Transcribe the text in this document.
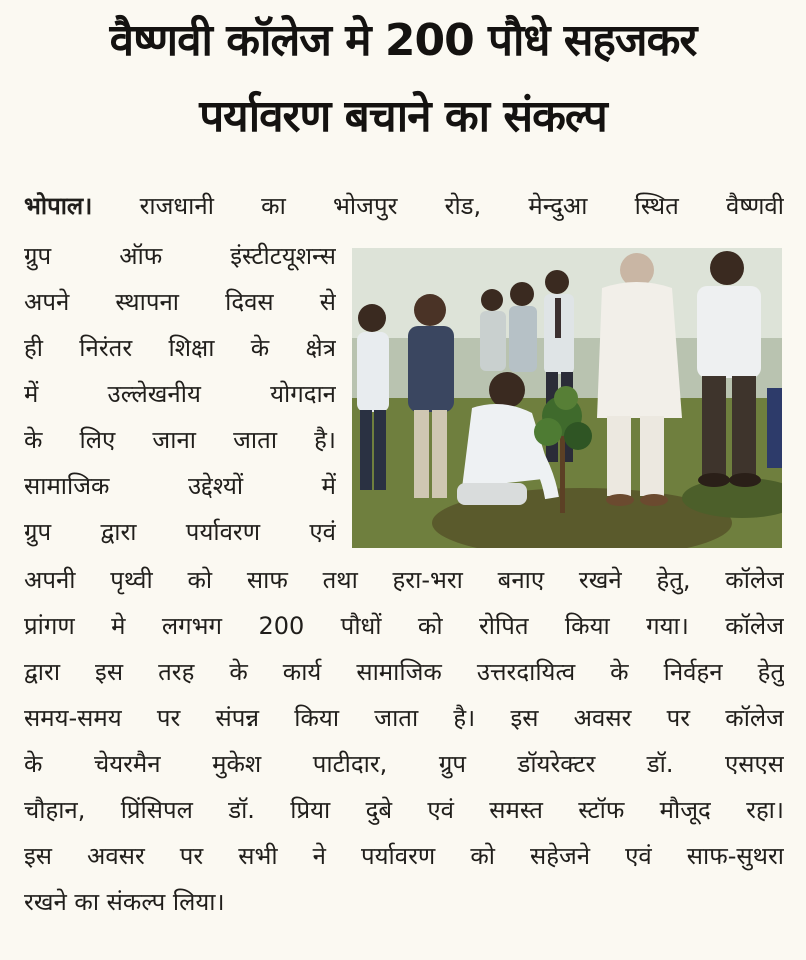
वैष्णवी कॉलेज मे 200 पौधे सहजकर
पर्यावरण बचाने का संकल्प
भोपाल। राजधानी का भोजपुर रोड, मेन्दुआ स्थित वैष्णवी
ग्रुप ऑफ इंस्टीटयूशन्स
अपने स्थापना दिवस से
ही निरंतर शिक्षा के क्षेत्र
में उल्लेखनीय योगदान
के लिए जाना जाता है।
सामाजिक उद्देश्यों में
ग्रुप द्वारा पर्यावरण एवं
अपनी पृथ्वी को साफ तथा हरा-भरा बनाए रखने हेतु, कॉलेज
प्रांगण मे लगभग 200 पौधों को रोपित किया गया। कॉलेज
द्वारा इस तरह के कार्य सामाजिक उत्तरदायित्व के निर्वहन हेतु
समय-समय पर संपन्न किया जाता है। इस अवसर पर कॉलेज
के चेयरमैन मुकेश पाटीदार, ग्रुप डॉयरेक्टर डॉ. एसएस
चौहान, प्रिंसिपल डॉ. प्रिया दुबे एवं समस्त स्टॉफ मौजूद रहा।
इस अवसर पर सभी ने पर्यावरण को सहेजने एवं साफ-सुथरा
रखने का संकल्प लिया।
